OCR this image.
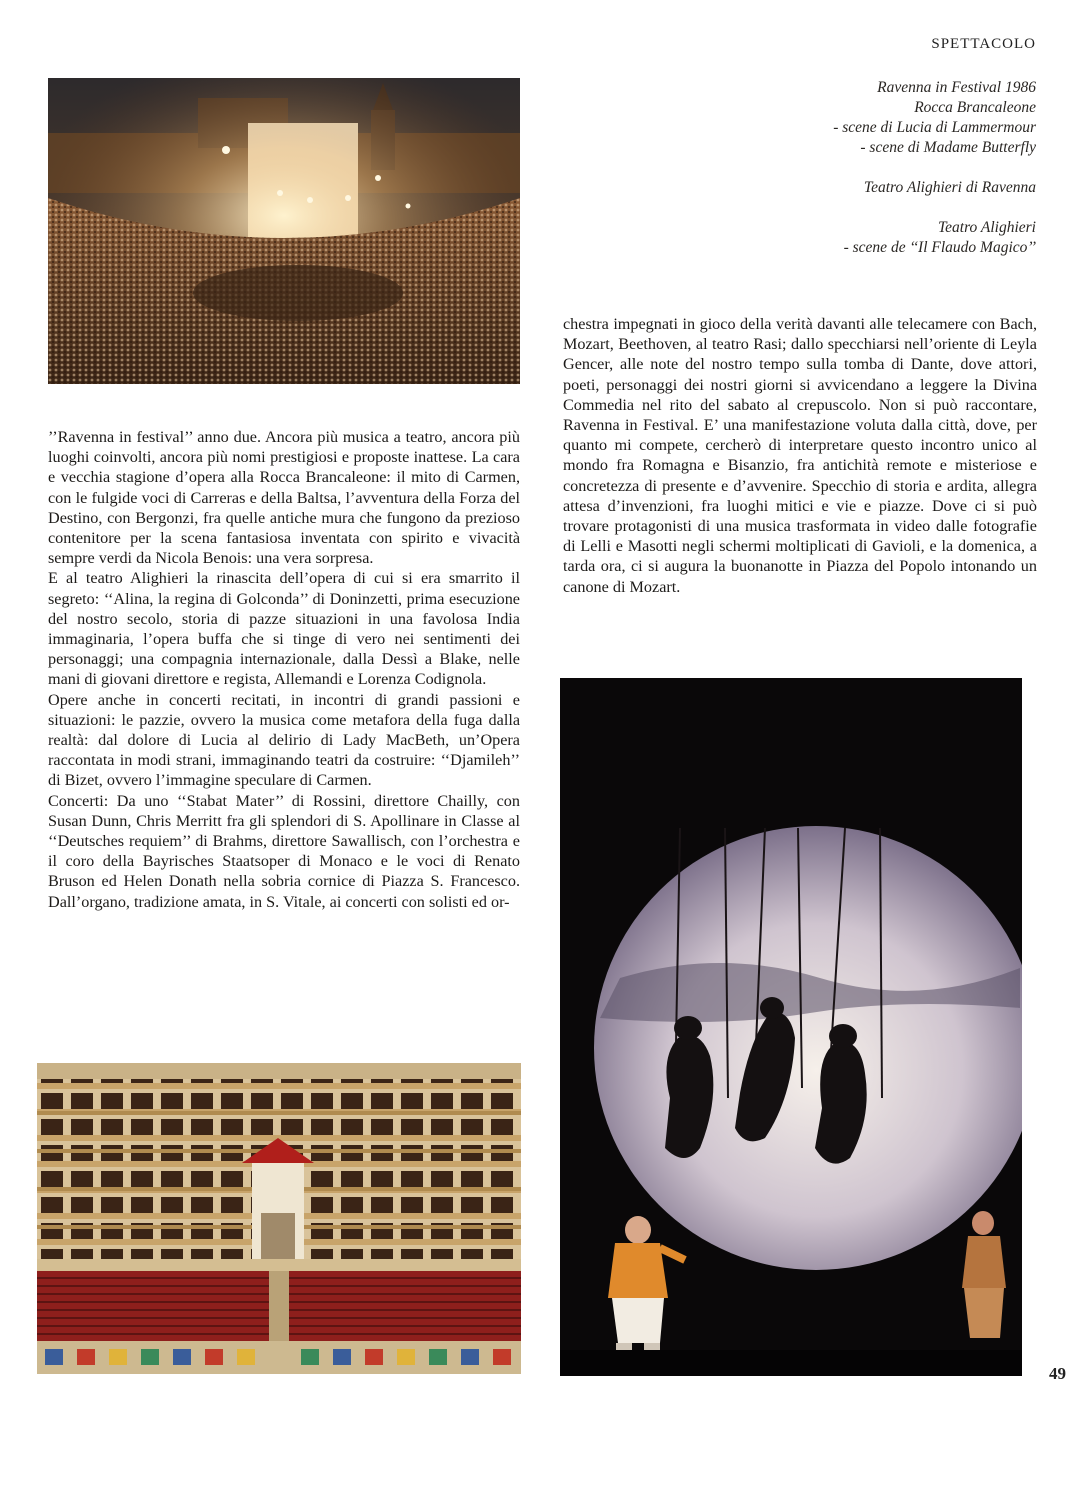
SPETTACOLO
Ravenna in Festival 1986
Rocca Brancaleone
- scene di Lucia di Lammermour
- scene di Madame Butterfly
Teatro Alighieri di Ravenna
Teatro Alighieri
- scene de ‘‘Il Flaudo Magico’’

’’Ravenna in festival’’ anno due. Ancora più musica a teatro, ancora più luoghi coinvolti, ancora più nomi prestigiosi e proposte inattese. La cara e vecchia stagione d’opera alla Rocca Brancaleone: il mito di Carmen, con le fulgide voci di Carreras e della Baltsa, l’avventura della Forza del Destino, con Bergonzi, fra quelle antiche mura che fungono da prezioso contenitore per la scena fantasiosa inventata con spirito e vivacità sempre verdi da Nicola Benois: una vera sorpresa.

E al teatro Alighieri la rinascita dell’opera di cui si era smarrito il segreto: ‘‘Alina, la regina di Golconda’’ di Doninzetti, prima esecuzione del nostro secolo, storia di pazze situazioni in una favolosa India immaginaria, l’opera buffa che si tinge di vero nei sentimenti dei personaggi; una compagnia internazionale, dalla Dessì a Blake, nelle mani di giovani direttore e regista, Allemandi e Lorenza Codignola.

Opere anche in concerti recitati, in incontri di grandi passioni e situazioni: le pazzie, ovvero la musica come metafora della fuga dalla realtà: dal dolore di Lucia al delirio di Lady MacBeth, un’Opera raccontata in modi strani, immaginando teatri da costruire: ‘‘Djamileh’’ di Bizet, ovvero l’immagine speculare di Carmen.

Concerti: Da uno ‘‘Stabat Mater’’ di Rossini, direttore Chailly, con Susan Dunn, Chris Merritt fra gli splendori di S. Apollinare in Classe al ‘‘Deutsches requiem’’ di Brahms, direttore Sawallisch, con l’orchestra e il coro della Bayrisches Staatsoper di Monaco e le voci di Renato Bruson ed Helen Donath nella sobria cornice di Piazza S. Francesco. Dall’organo, tradizione amata, in S. Vitale, ai concerti con solisti ed or-

chestra impegnati in gioco della verità davanti alle telecamere con Bach, Mozart, Beethoven, al teatro Rasi; dallo specchiarsi nell’oriente di Leyla Gencer, alle note del nostro tempo sulla tomba di Dante, dove attori, poeti, personaggi dei nostri giorni si avvicendano a leggere la Divina Commedia nel rito del sabato al crepuscolo. Non si può raccontare, Ravenna in Festival. E’ una manifestazione voluta dalla città, dove, per quanto mi compete, cercherò di interpretare questo incontro unico al mondo fra Romagna e Bisanzio, fra antichità remote e misteriose e concretezza di presente e d’avvenire. Specchio di storia e ardita, allegra attesa d’invenzioni, fra luoghi mitici e vie e piazze. Dove ci si può trovare protagonisti di una musica trasformata in video dalle fotografie di Lelli e Masotti negli schermi moltiplicati di Gavioli, e la domenica, a tarda ora, ci si augura la buonanotte in Piazza del Popolo intonando un canone di Mozart.

49
